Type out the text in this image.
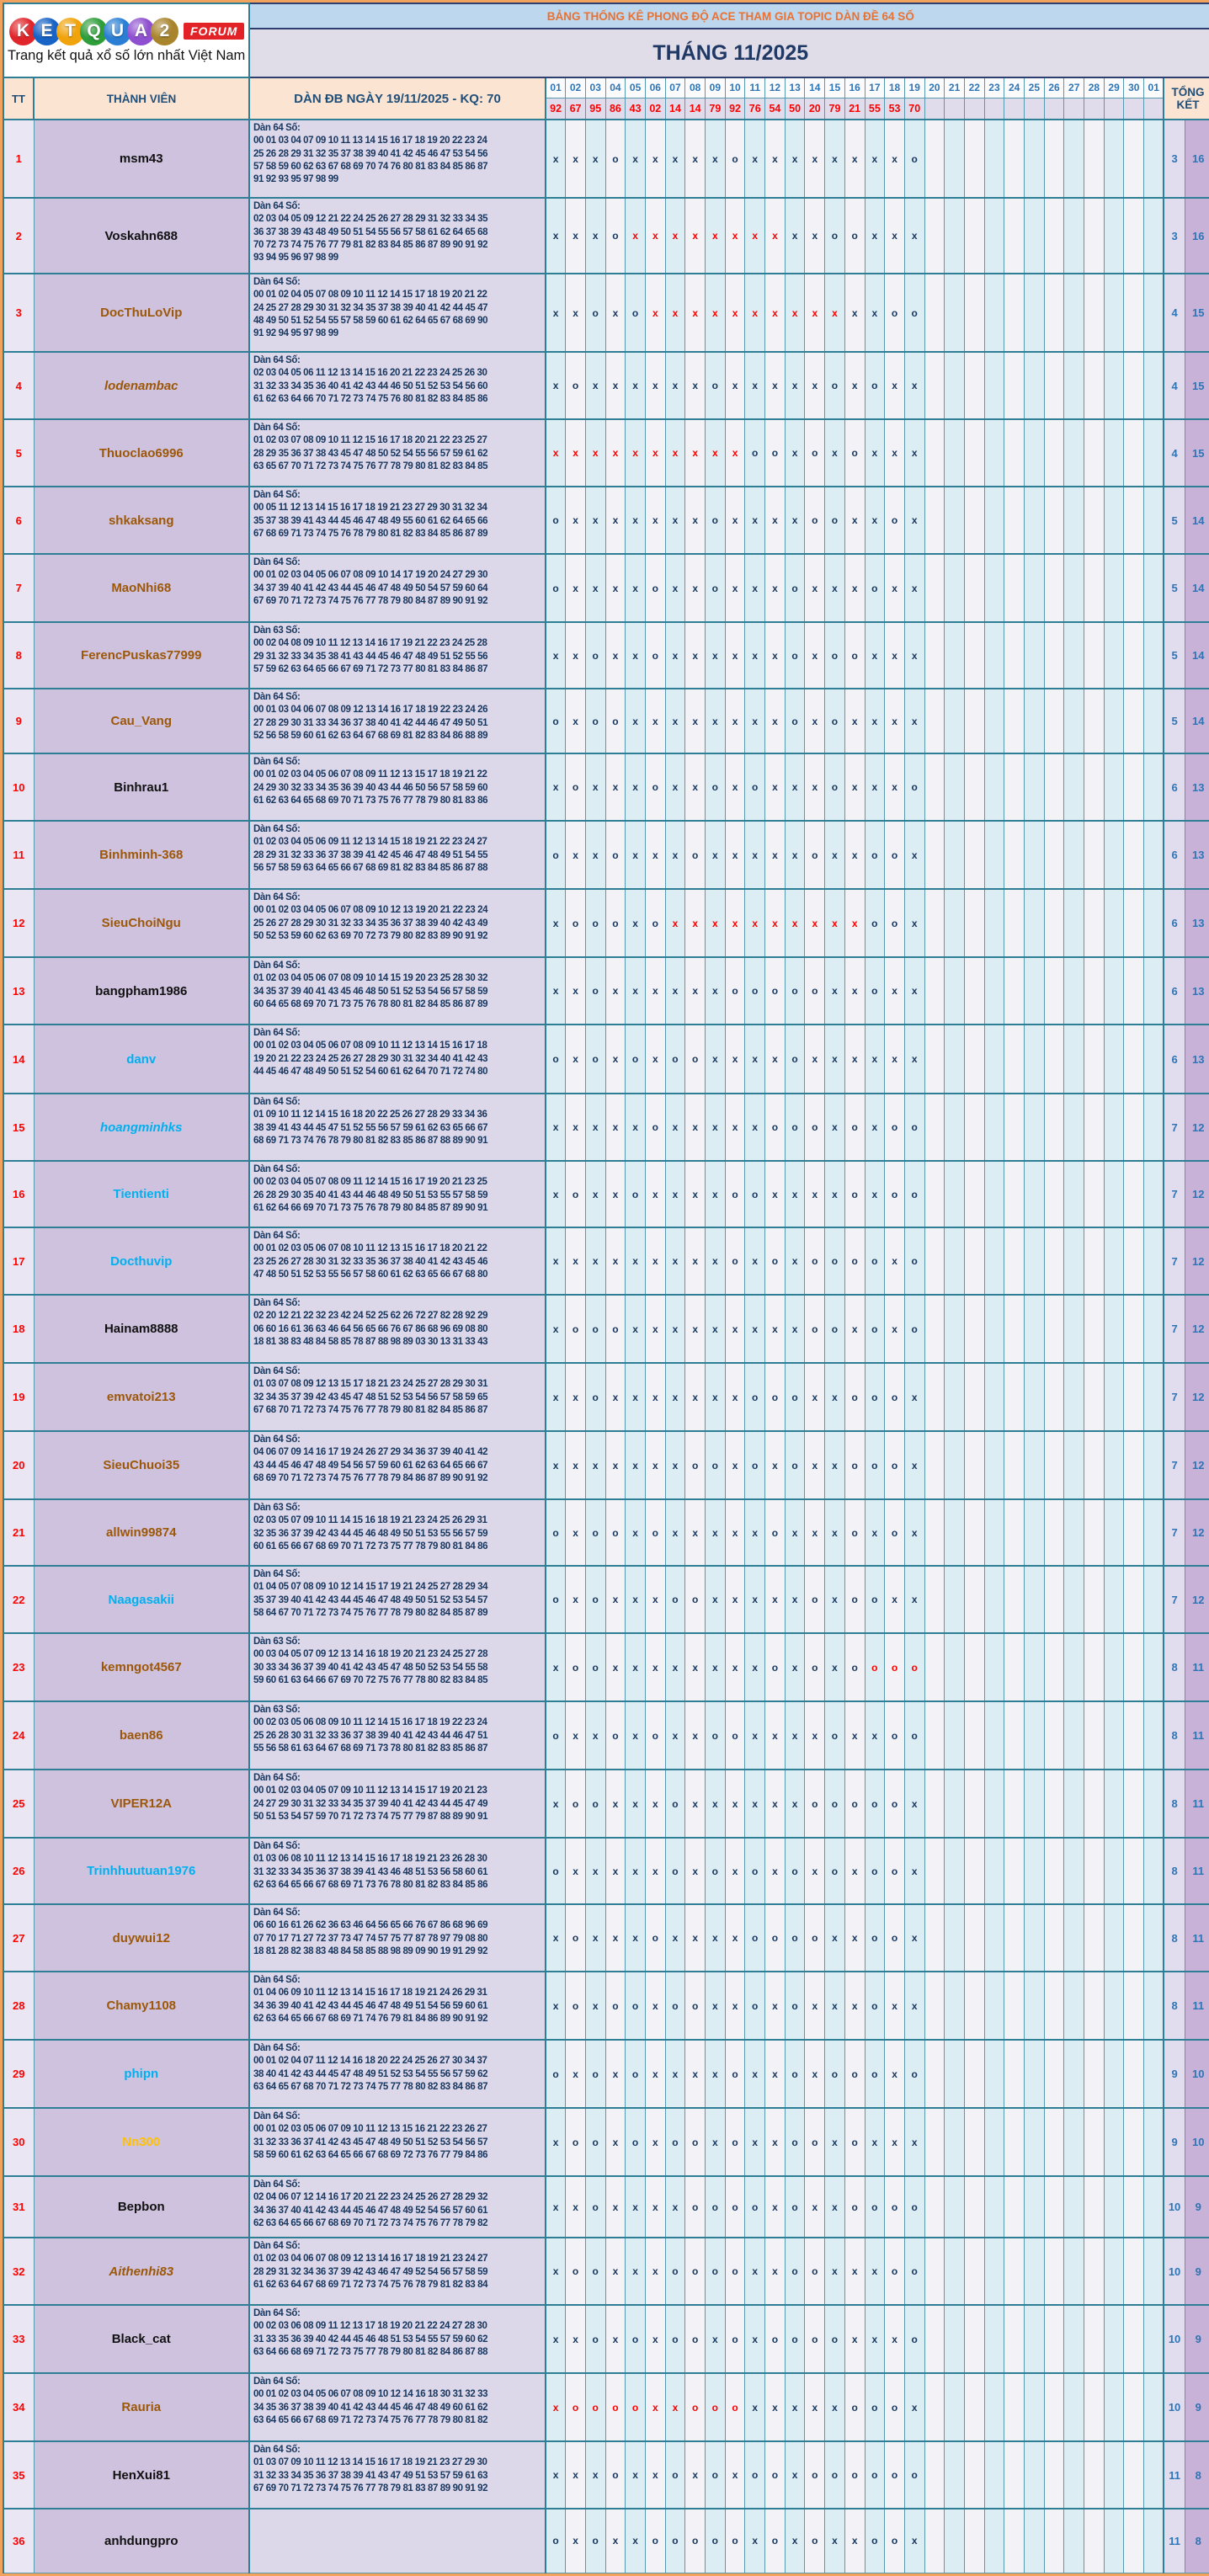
K E T Q U A 2 FORUM
Trang kết quả xổ số lớn nhất Việt Nam		BẢNG THỐNG KÊ PHONG ĐỘ ACE THAM GIA TOPIC DÀN ĐỀ 64 SỐ																																	
		THÁNG 11/2025																																	
TT	THÀNH VIÊN	DÀN ĐB NGÀY 19/11/2025 - KQ: 70	01	02	03	04	05	06	07	08	09	10	11	12	13	14	15	16	17	18	19	20	21	22	23	24	25	26	27	28	29	30	01	TỔNG KẾT	
			92	67	95	86	43	02	14	14	79	92	76	54	50	20	79	21	55	53	70														
1	msm43	Dàn 64 Số:
00 01 03 04 07 09 10 11 13 14 15 16 17 18 19 20 22 23 24
25 26 28 29 31 32 35 37 38 39 40 41 42 45 46 47 53 54 56
57 58 59 60 62 63 67 68 69 70 74 76 80 81 83 84 85 86 87
91 92 93 95 97 98 99	x	x	x	o	x	x	x	x	x	o	x	x	x	x	x	x	x	x	o													3	16
2	Voskahn688	Dàn 64 Số:
02 03 04 05 09 12 21 22 24 25 26 27 28 29 31 32 33 34 35
36 37 38 39 43 48 49 50 51 54 55 56 57 58 61 62 64 65 68
70 72 73 74 75 76 77 79 81 82 83 84 85 86 87 89 90 91 92
93 94 95 96 97 98 99	x	x	x	o	x	x	x	x	x	x	x	x	x	x	o	o	x	x	x													3	16
3	DocThuLoVip	Dàn 64 Số:
00 01 02 04 05 07 08 09 10 11 12 14 15 17 18 19 20 21 22
24 25 27 28 29 30 31 32 34 35 37 38 39 40 41 42 44 45 47
48 49 50 51 52 54 55 57 58 59 60 61 62 64 65 67 68 69 90
91 92 94 95 97 98 99	x	x	o	x	o	x	x	x	x	x	x	x	x	x	x	x	x	o	o													4	15
4	lodenambac	Dàn 64 Số:
02 03 04 05 06 11 12 13 14 15 16 20 21 22 23 24 25 26 30
31 32 33 34 35 36 40 41 42 43 44 46 50 51 52 53 54 56 60
61 62 63 64 66 70 71 72 73 74 75 76 80 81 82 83 84 85 86	x	o	x	x	x	x	x	x	o	x	x	x	x	x	o	x	o	x	x													4	15
5	Thuoclao6996	Dàn 64 Số:
01 02 03 07 08 09 10 11 12 15 16 17 18 20 21 22 23 25 27
28 29 35 36 37 38 43 45 47 48 50 52 54 55 56 57 59 61 62
63 65 67 70 71 72 73 74 75 76 77 78 79 80 81 82 83 84 85	x	x	x	x	x	x	x	x	x	x	o	o	x	o	x	o	x	x	x													4	15
6	shkaksang	Dàn 64 Số:
00 05 11 12 13 14 15 16 17 18 19 21 23 27 29 30 31 32 34
35 37 38 39 41 43 44 45 46 47 48 49 55 60 61 62 64 65 66
67 68 69 71 73 74 75 76 78 79 80 81 82 83 84 85 86 87 89	o	x	x	x	x	x	x	x	o	x	x	x	x	o	o	x	x	o	x													5	14
7	MaoNhi68	Dàn 64 Số:
00 01 02 03 04 05 06 07 08 09 10 14 17 19 20 24 27 29 30
34 37 39 40 41 42 43 44 45 46 47 48 49 50 54 57 59 60 64
67 69 70 71 72 73 74 75 76 77 78 79 80 84 87 89 90 91 92	o	x	x	x	x	o	x	x	o	x	x	x	o	x	x	x	o	x	x													5	14
8	FerencPuskas77999	Dàn 63 Số:
00 02 04 08 09 10 11 12 13 14 16 17 19 21 22 23 24 25 28
29 31 32 33 34 35 38 41 43 44 45 46 47 48 49 51 52 55 56
57 59 62 63 64 65 66 67 69 71 72 73 77 80 81 83 84 86 87	x	x	o	x	x	o	x	x	x	x	x	x	o	x	o	o	x	x	x													5	14
9	Cau_Vang	Dàn 64 Số:
00 01 03 04 06 07 08 09 12 13 14 16 17 18 19 22 23 24 26
27 28 29 30 31 33 34 36 37 38 40 41 42 44 46 47 49 50 51
52 56 58 59 60 61 62 63 64 67 68 69 81 82 83 84 86 88 89	o	x	o	o	x	x	x	x	x	x	x	x	o	x	o	x	x	x	x													5	14
10	Binhrau1	Dàn 64 Số:
00 01 02 03 04 05 06 07 08 09 11 12 13 15 17 18 19 21 22
24 29 30 32 33 34 35 36 39 40 43 44 46 50 56 57 58 59 60
61 62 63 64 65 68 69 70 71 73 75 76 77 78 79 80 81 83 86	x	o	x	x	x	o	x	x	o	x	o	x	x	x	o	x	x	x	o													6	13
11	Binhminh-368	Dàn 64 Số:
01 02 03 04 05 06 09 11 12 13 14 15 18 19 21 22 23 24 27
28 29 31 32 33 36 37 38 39 41 42 45 46 47 48 49 51 54 55
56 57 58 59 63 64 65 66 67 68 69 81 82 83 84 85 86 87 88	o	x	x	o	x	x	x	o	x	x	x	x	x	o	x	x	o	o	x													6	13
12	SieuChoiNgu	Dàn 64 Số:
00 01 02 03 04 05 06 07 08 09 10 12 13 19 20 21 22 23 24
25 26 27 28 29 30 31 32 33 34 35 36 37 38 39 40 42 43 49
50 52 53 59 60 62 63 69 70 72 73 79 80 82 83 89 90 91 92	x	o	o	o	x	o	x	x	x	x	x	x	x	x	x	x	o	o	x													6	13
13	bangpham1986	Dàn 64 Số:
01 02 03 04 05 06 07 08 09 10 14 15 19 20 23 25 28 30 32
34 35 37 39 40 41 43 45 46 48 50 51 52 53 54 56 57 58 59
60 64 65 68 69 70 71 73 75 76 78 80 81 82 84 85 86 87 89	x	x	o	x	x	x	x	x	x	o	o	o	o	o	x	x	o	x	x													6	13
14	danv	Dàn 64 Số:
00 01 02 03 04 05 06 07 08 09 10 11 12 13 14 15 16 17 18
19 20 21 22 23 24 25 26 27 28 29 30 31 32 34 40 41 42 43
44 45 46 47 48 49 50 51 52 54 60 61 62 64 70 71 72 74 80	o	x	o	x	o	x	o	o	x	x	x	x	o	x	x	x	x	x	x													6	13
15	hoangminhks	Dàn 64 Số:
01 09 10 11 12 14 15 16 18 20 22 25 26 27 28 29 33 34 36
38 39 41 43 44 45 47 51 52 55 56 57 59 61 62 63 65 66 67
68 69 71 73 74 76 78 79 80 81 82 83 85 86 87 88 89 90 91	x	x	x	x	x	o	x	x	x	x	x	o	o	o	x	o	x	o	o													7	12
16	Tientienti	Dàn 64 Số:
00 02 03 04 05 07 08 09 11 12 14 15 16 17 19 20 21 23 25
26 28 29 30 35 40 41 43 44 46 48 49 50 51 53 55 57 58 59
61 62 64 66 69 70 71 73 75 76 78 79 80 84 85 87 89 90 91	x	o	x	x	o	x	x	x	x	o	o	x	x	x	x	o	x	o	o													7	12
17	Docthuvip	Dàn 64 Số:
00 01 02 03 05 06 07 08 10 11 12 13 15 16 17 18 20 21 22
23 25 26 27 28 30 31 32 33 35 36 37 38 40 41 42 43 45 46
47 48 50 51 52 53 55 56 57 58 60 61 62 63 65 66 67 68 80	x	x	x	x	x	x	x	x	x	o	x	o	x	o	o	o	o	x	o													7	12
18	Hainam8888	Dàn 64 Số:
02 20 12 21 22 32 23 42 24 52 25 62 26 72 27 82 28 92 29
06 60 16 61 36 63 46 64 56 65 66 76 67 86 68 96 69 08 80
18 81 38 83 48 84 58 85 78 87 88 98 89 03 30 13 31 33 43	x	o	o	o	x	x	x	x	x	x	x	x	x	o	o	x	o	x	o													7	12
19	emvatoi213	Dàn 64 Số:
01 03 07 08 09 12 13 15 17 18 21 23 24 25 27 28 29 30 31
32 34 35 37 39 42 43 45 47 48 51 52 53 54 56 57 58 59 65
67 68 70 71 72 73 74 75 76 77 78 79 80 81 82 84 85 86 87	x	x	o	x	x	x	x	x	x	x	o	o	o	x	x	o	o	o	x													7	12
20	SieuChuoi35	Dàn 64 Số:
04 06 07 09 14 16 17 19 24 26 27 29 34 36 37 39 40 41 42
43 44 45 46 47 48 49 54 56 57 59 60 61 62 63 64 65 66 67
68 69 70 71 72 73 74 75 76 77 78 79 84 86 87 89 90 91 92	x	x	x	x	x	x	x	o	o	x	o	x	o	x	x	o	o	o	x													7	12
21	allwin99874	Dàn 63 Số:
02 03 05 07 09 10 11 14 15 16 18 19 21 23 24 25 26 29 31
32 35 36 37 39 42 43 44 45 46 48 49 50 51 53 55 56 57 59
60 61 65 66 67 68 69 70 71 72 73 75 77 78 79 80 81 84 86	o	x	o	o	x	o	x	x	x	x	x	o	x	x	x	o	x	o	x													7	12
22	Naagasakii	Dàn 64 Số:
01 04 05 07 08 09 10 12 14 15 17 19 21 24 25 27 28 29 34
35 37 39 40 41 42 43 44 45 46 47 48 49 50 51 52 53 54 57
58 64 67 70 71 72 73 74 75 76 77 78 79 80 82 84 85 87 89	o	x	o	x	x	x	o	o	x	x	x	x	x	o	x	o	o	x	x													7	12
23	kemngot4567	Dàn 63 Số:
00 03 04 05 07 09 12 13 14 16 18 19 20 21 23 24 25 27 28
30 33 34 36 37 39 40 41 42 43 45 47 48 50 52 53 54 55 58
59 60 61 63 64 66 67 69 70 72 75 76 77 78 80 82 83 84 85	x	o	o	x	x	x	x	x	x	x	x	o	x	o	x	o	o	o	o													8	11
24	baen86	Dàn 63 Số:
00 02 03 05 06 08 09 10 11 12 14 15 16 17 18 19 22 23 24
25 26 28 30 31 32 33 36 37 38 39 40 41 42 43 44 46 47 51
55 56 58 61 63 64 67 68 69 71 73 78 80 81 82 83 85 86 87	o	x	x	o	x	o	x	x	o	o	x	x	x	x	o	x	x	o	o													8	11
25	VIPER12A	Dàn 64 Số:
00 01 02 03 04 05 07 09 10 11 12 13 14 15 17 19 20 21 23
24 27 29 30 31 32 33 34 35 37 39 40 41 42 43 44 45 47 49
50 51 53 54 57 59 70 71 72 73 74 75 77 79 87 88 89 90 91	x	o	o	x	x	x	o	x	x	x	x	x	x	o	o	o	o	o	x													8	11
26	Trinhhuutuan1976	Dàn 64 Số:
01 03 06 08 10 11 12 13 14 15 16 17 18 19 21 23 26 28 30
31 32 33 34 35 36 37 38 39 41 43 46 48 51 53 56 58 60 61
62 63 64 65 66 67 68 69 71 73 76 78 80 81 82 83 84 85 86	o	x	x	x	x	x	o	x	o	x	o	x	o	x	o	x	o	o	x													8	11
27	duywui12	Dàn 64 Số:
06 60 16 61 26 62 36 63 46 64 56 65 66 76 67 86 68 96 69
07 70 17 71 27 72 37 73 47 74 57 75 77 87 78 97 79 08 80
18 81 28 82 38 83 48 84 58 85 88 98 89 09 90 19 91 29 92	x	o	x	x	x	o	x	x	x	x	o	o	o	o	x	x	o	o	x													8	11
28	Chamy1108	Dàn 64 Số:
01 04 06 09 10 11 12 13 14 15 16 17 18 19 21 24 26 29 31
34 36 39 40 41 42 43 44 45 46 47 48 49 51 54 56 59 60 61
62 63 64 65 66 67 68 69 71 74 76 79 81 84 86 89 90 91 92	x	o	x	o	o	x	o	o	x	x	o	x	o	x	x	x	o	x	x													8	11
29	phipn	Dàn 64 Số:
00 01 02 04 07 11 12 14 16 18 20 22 24 25 26 27 30 34 37
38 40 41 42 43 44 45 47 48 49 51 52 53 54 55 56 57 59 62
63 64 65 67 68 70 71 72 73 74 75 77 78 80 82 83 84 86 87	o	x	o	x	o	x	x	x	x	o	x	x	o	x	o	o	o	x	o													9	10
30	Nn300	Dàn 64 Số:
00 01 02 03 05 06 07 09 10 11 12 13 15 16 21 22 23 26 27
31 32 33 36 37 41 42 43 45 47 48 49 50 51 52 53 54 56 57
58 59 60 61 62 63 64 65 66 67 68 69 72 73 76 77 79 84 86	x	o	o	x	o	x	o	o	x	o	x	x	o	o	x	o	x	x	x													9	10
31	Bepbon	Dàn 64 Số:
02 04 06 07 12 14 16 17 20 21 22 23 24 25 26 27 28 29 32
34 36 37 40 41 42 43 44 45 46 47 48 49 52 54 56 57 60 61
62 63 64 65 66 67 68 69 70 71 72 73 74 75 76 77 78 79 82	x	x	o	x	x	x	x	o	o	o	o	x	o	x	x	o	o	o	o													10	9
32	Aithenhi83	Dàn 64 Số:
01 02 03 04 06 07 08 09 12 13 14 16 17 18 19 21 23 24 27
28 29 31 32 34 36 37 39 42 43 46 47 49 52 54 56 57 58 59
61 62 63 64 67 68 69 71 72 73 74 75 76 78 79 81 82 83 84	x	o	o	x	x	x	o	o	o	o	x	x	o	o	x	x	x	o	o													10	9
33	Black_cat	Dàn 64 Số:
00 02 03 06 08 09 11 12 13 17 18 19 20 21 22 24 27 28 30
31 33 35 36 39 40 42 44 45 46 48 51 53 54 55 57 59 60 62
63 64 66 68 69 71 72 73 75 77 78 79 80 81 82 84 86 87 88	x	x	o	x	o	x	o	o	x	o	x	o	o	o	o	x	x	x	o													10	9
34	Rauria	Dàn 64 Số:
00 01 02 03 04 05 06 07 08 09 10 12 14 16 18 30 31 32 33
34 35 36 37 38 39 40 41 42 43 44 45 46 47 48 49 60 61 62
63 64 65 66 67 68 69 71 72 73 74 75 76 77 78 79 80 81 82	x	o	o	o	o	x	x	o	o	o	x	x	x	x	x	o	o	o	x													10	9
35	HenXui81	Dàn 64 Số:
01 03 07 09 10 11 12 13 14 15 16 17 18 19 21 23 27 29 30
31 32 33 34 35 36 37 38 39 41 43 47 49 51 53 57 59 61 63
67 69 70 71 72 73 74 75 76 77 78 79 81 83 87 89 90 91 92	x	x	x	o	x	x	o	x	o	x	o	o	x	o	o	o	o	o	o													11	8
36	anhdungpro		o	x	o	x	x	o	o	o	o	o	x	o	x	o	x	x	o	o	x													11	8
